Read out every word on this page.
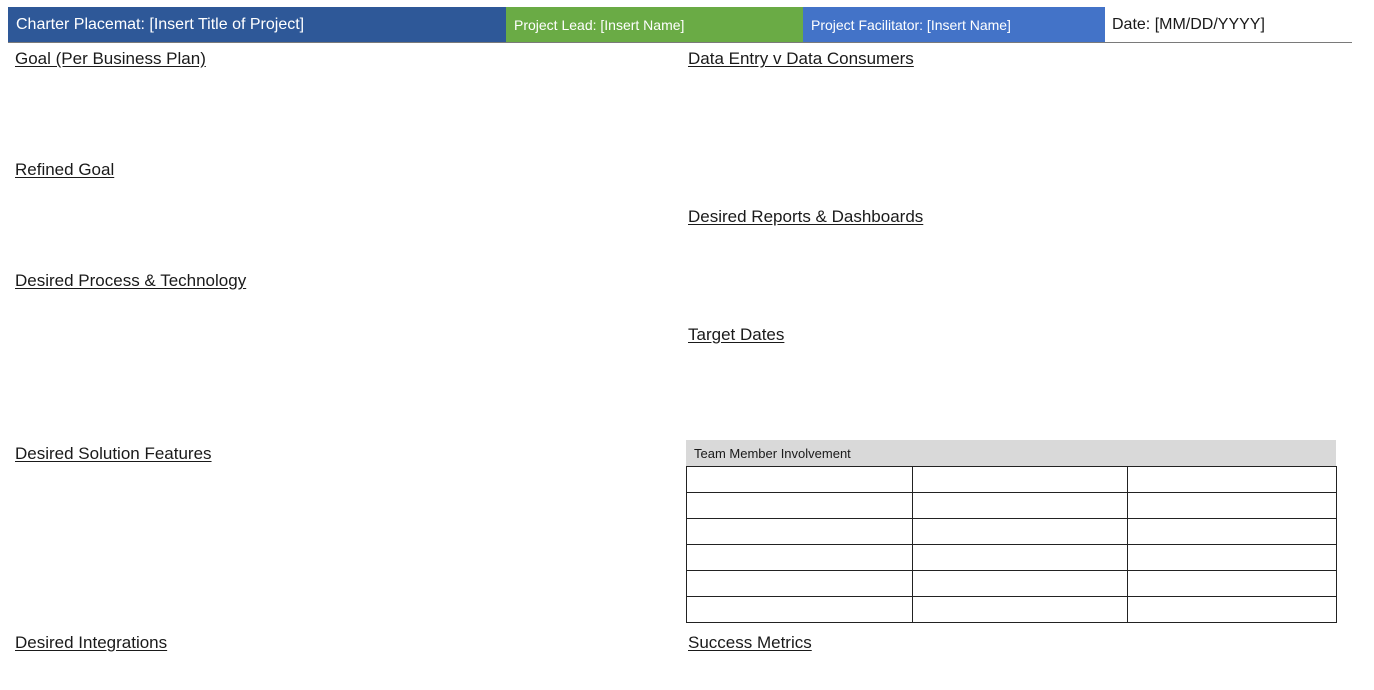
Charter Placemat: [Insert Title of Project]	Project Lead: [Insert Name]	Project Facilitator: [Insert Name]	Date: [MM/DD/YYYY]
Goal (Per Business Plan)
Refined Goal
Desired Process & Technology
Desired Solution Features
Desired Integrations
Data Entry v Data Consumers
Desired Reports & Dashboards
Target Dates
Success Metrics
Team Member Involvement
